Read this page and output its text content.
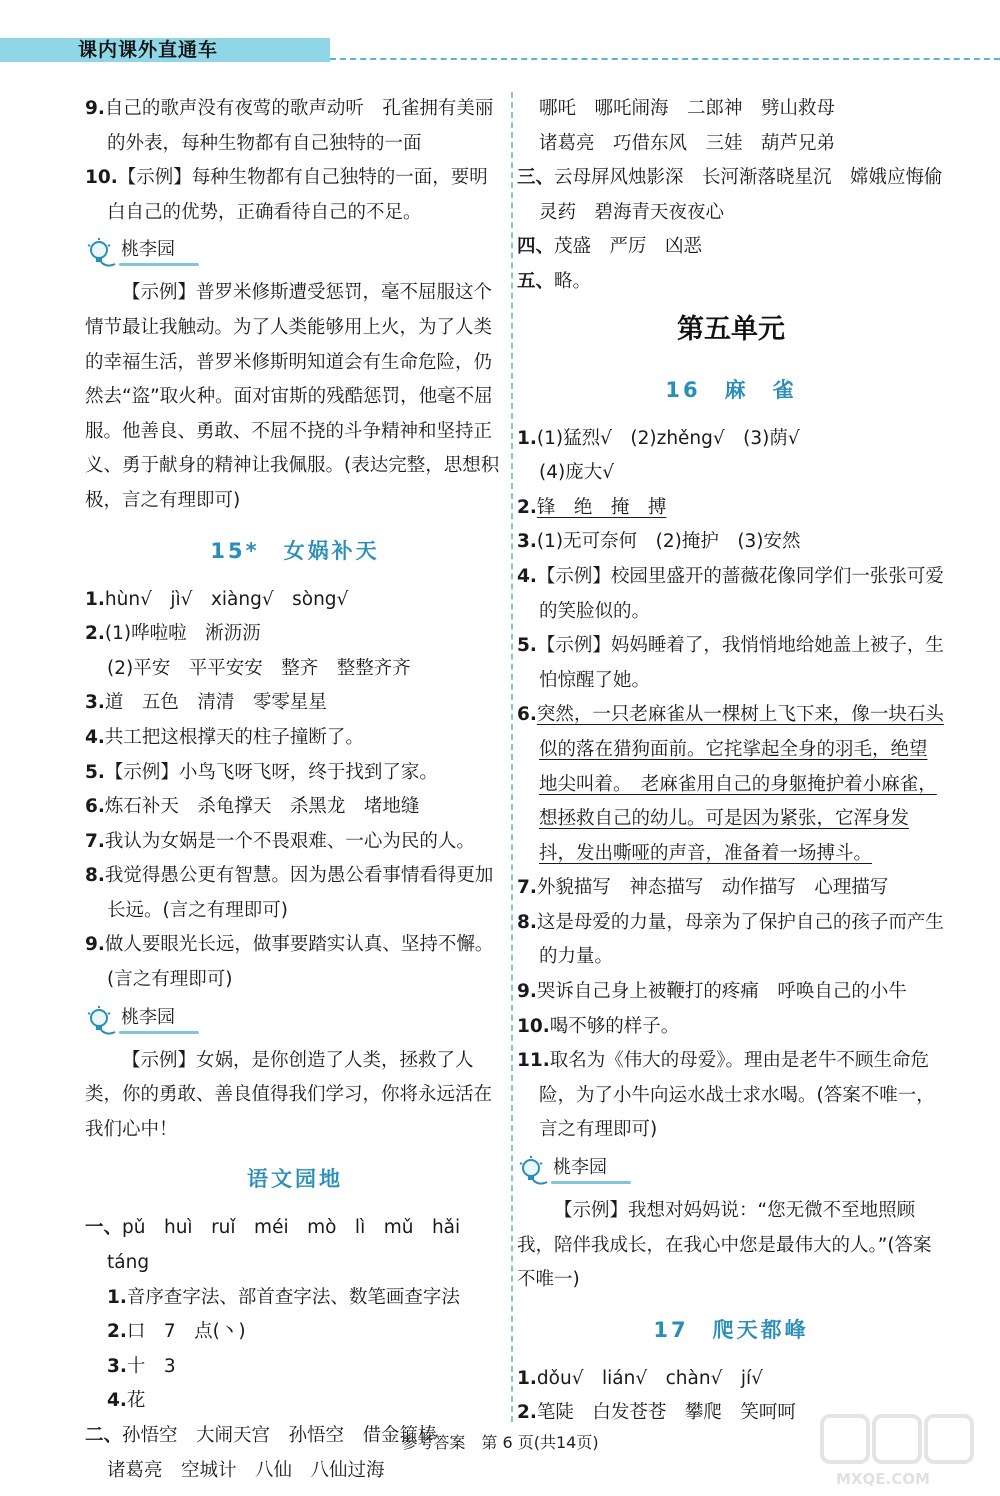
课内课外直通车

9.自己的歌声没有夜莺的歌声动听　孔雀拥有美丽的外表，每种生物都有自己独特的一面

10.【示例】每种生物都有自己独特的一面，要明白自己的优势，正确看待自己的不足。

桃李园

【示例】普罗米修斯遭受惩罚，毫不屈服这个情节最让我触动。为了人类能够用上火，为了人类的幸福生活，普罗米修斯明知道会有生命危险，仍然去“盗”取火种。面对宙斯的残酷惩罚，他毫不屈服。他善良、勇敢、不屈不挠的斗争精神和坚持正义、勇于献身的精神让我佩服。(表达完整，思想积极，言之有理即可)

15*　 女娲补天

1.hùn√　jì√　xiàng√　sòng√

2.(1)哗啦啦　淅沥沥

(2)平安　平平安安　整齐　整整齐齐

3.道　五色　清清　零零星星

4.共工把这根撑天的柱子撞断了。

5.【示例】小鸟飞呀飞呀，终于找到了家。

6.炼石补天　杀龟撑天　杀黑龙　堵地缝

7.我认为女娲是一个不畏艰难、一心为民的人。

8.我觉得愚公更有智慧。因为愚公看事情看得更加长远。(言之有理即可)

9.做人要眼光长远，做事要踏实认真、坚持不懈。(言之有理即可)

桃李园

【示例】女娲，是你创造了人类，拯救了人类，你的勇敢、善良值得我们学习，你将永远活在我们心中！

语文园地

一、pǔ　huì　ruǐ　méi　mò　lì　mǔ　hǎi　táng

1.音序查字法、部首查字法、数笔画查字法

2.口　7　点(丶)

3.十　3

4.花

二、孙悟空　大闹天宫　孙悟空　借金箍棒

诸葛亮　空城计　八仙　八仙过海

哪吒　哪吒闹海　二郎神　劈山救母

诸葛亮　巧借东风　三娃　葫芦兄弟

三、云母屏风烛影深　长河渐落晓星沉　嫦娥应悔偷灵药　碧海青天夜夜心

四、茂盛　严厉　凶恶

五、略。

第五单元

16　 麻　雀

1.(1)猛烈√　(2)zhěng√　(3)荫√

(4)庞大√

2.锋　绝　掩　搏

3.(1)无可奈何　(2)掩护　(3)安然

4.【示例】校园里盛开的蔷薇花像同学们一张张可爱的笑脸似的。

5.【示例】妈妈睡着了，我悄悄地给她盖上被子，生怕惊醒了她。

6.突然，一只老麻雀从一棵树上飞下来，像一块石头似的落在猎狗面前。它挓挲起全身的羽毛，绝望地尖叫着。　老麻雀用自己的身躯掩护着小麻雀，想拯救自己的幼儿。可是因为紧张，它浑身发抖，发出嘶哑的声音，准备着一场搏斗。

7.外貌描写　神态描写　动作描写　心理描写

8.这是母爱的力量，母亲为了保护自己的孩子而产生的力量。

9.哭诉自己身上被鞭打的疼痛　呼唤自己的小牛

10.喝不够的样子。

11.取名为《伟大的母爱》。理由是老牛不顾生命危险，为了小牛向运水战士求水喝。(答案不唯一，言之有理即可)

桃李园

【示例】我想对妈妈说：“您无微不至地照顾我，陪伴我成长，在我心中您是最伟大的人。”(答案不唯一)

17　 爬天都峰

1.dǒu√　lián√　chàn√　jí√

2.笔陡　白发苍苍　攀爬　笑呵呵

参考答案　第 6 页(共14页)
MXQE.COM
